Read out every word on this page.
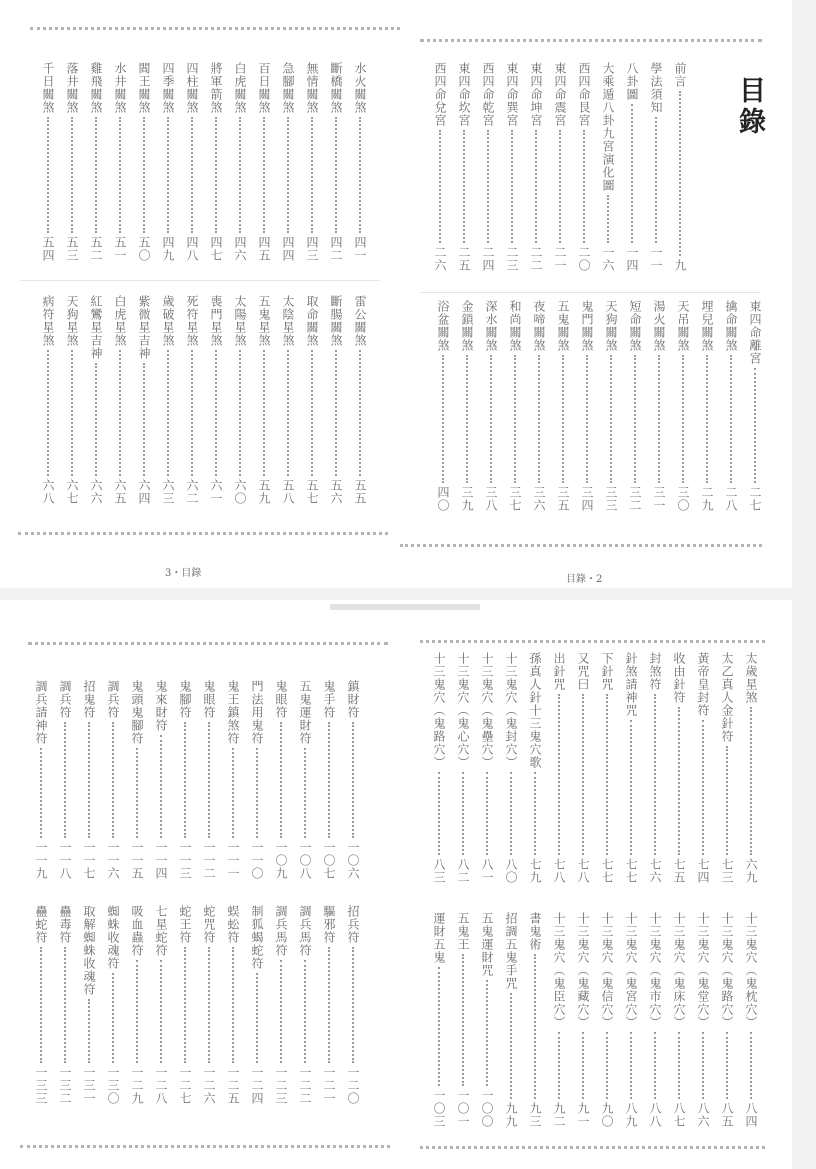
水火關煞
四一
斷橋關煞
四二
無情關煞
四三
急腳關煞
四四
百日關煞
四五
白虎關煞
四六
將軍箭煞
四七
四柱關煞
四八
四季關煞
四九
閻王關煞
五〇
水井關煞
五一
雞飛關煞
五二
落井關煞
五三
千日關煞
五四
雷公關煞
五五
斷腸關煞
五六
取命關煞
五七
太陰星煞
五八
五鬼星煞
五九
太陽星煞
六〇
喪門星煞
六一
死符星煞
六二
歲破星煞
六三
紫微星吉神
六四
白虎星煞
六五
紅鸞星吉神
六六
天狗星煞
六七
病符星煞
六八
3・目錄
目錄
前言
九
學法須知
一一
八卦圖
一四
大乘遁八卦九宮演化圖
一六
西四命艮宮
二〇
東四命震宮
二一
東四命坤宮
二二
東四命巽宮
二三
西四命乾宮
二四
東四命坎宮
二五
西四命兌宮
二六
東四命離宮
二七
擒命關煞
二八
埋兒關煞
二九
天吊關煞
三〇
湯火關煞
三一
短命關煞
三二
天狗關煞
三三
鬼門關煞
三四
五鬼關煞
三五
夜啼關煞
三六
和尚關煞
三七
深水關煞
三八
金鎖關煞
三九
浴盆關煞
四〇
目錄・2
鎮財符
一〇六
鬼手符
一〇七
五鬼運財符
一〇八
鬼眼符
一〇九
門法用鬼符
一一〇
鬼王鎮煞符
一一一
鬼眼符
一一二
鬼腳符
一一三
鬼來財符
一一四
鬼頭鬼腳符
一一五
調兵符
一一六
招鬼符
一一七
調兵符
一一八
調兵請神符
一一九
招兵符
一二〇
驅邪符
一二一
調兵馬符
一二二
調兵馬符
一二三
制狐蝎蛇符
一二四
蜈蚣符
一二五
蛇咒符
一二六
蛇王符
一二七
七星蛇符
一二八
吸血蟲符
一二九
蜘蛛收魂符
一三〇
取解蜘蛛收魂符
一三一
蠱毒符
一三二
蠱蛇符
一三三
太歲星煞
六九
太乙真人金針符
七三
黃帝皇封符
七四
收由針符
七五
封煞符
七六
針煞請神咒
七七
下針咒
七七
又咒曰
七八
出針咒
七八
孫真人針十三鬼穴歌
七九
十三鬼穴（鬼封穴）
八〇
十三鬼穴（鬼壘穴）
八一
十三鬼穴（鬼心穴）
八二
十三鬼穴（鬼路穴）
八三
十三鬼穴（鬼枕穴）
八四
十三鬼穴（鬼路穴）
八五
十三鬼穴（鬼堂穴）
八六
十三鬼穴（鬼床穴）
八七
十三鬼穴（鬼市穴）
八八
十三鬼穴（鬼宮穴）
八九
十三鬼穴（鬼信穴）
九〇
十三鬼穴（鬼藏穴）
九一
十三鬼穴（鬼臣穴）
九二
書鬼術
九三
招調五鬼手咒
九九
五鬼運財咒
一〇〇
五鬼王
一〇一
運財五鬼
一〇三
